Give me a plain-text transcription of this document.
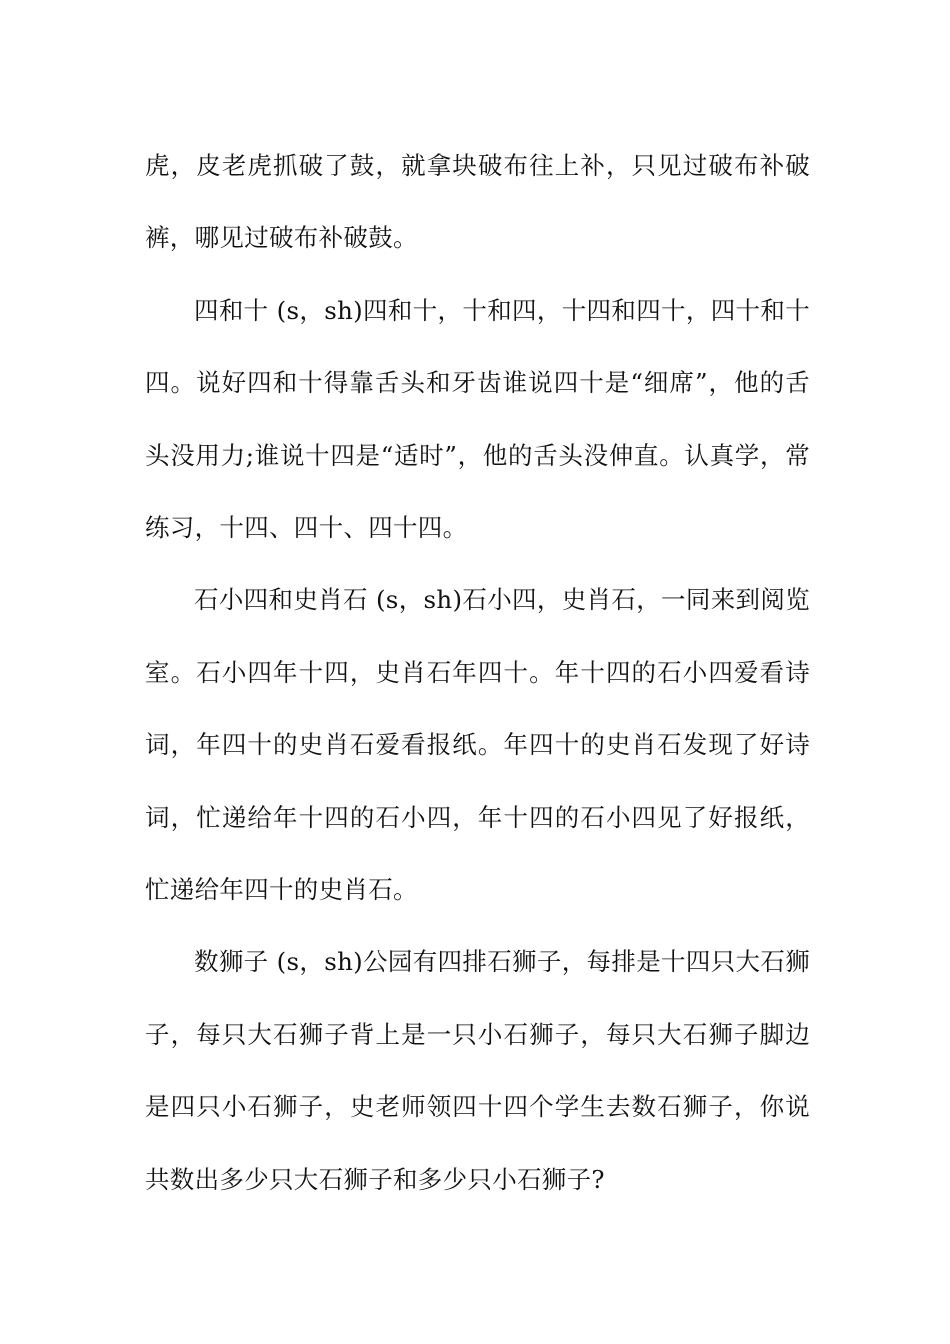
虎，皮老虎抓破了鼓，就拿块破布往上补，只见过破布补破裤，哪见过破布补破鼓。

四和十 (s，sh)四和十，十和四，十四和四十，四十和十四。说好四和十得靠舌头和牙齿谁说四十是“细席”，他的舌头没用力;谁说十四是“适时”，他的舌头没伸直。认真学，常练习，十四、四十、四十四。

石小四和史肖石 (s，sh)石小四，史肖石，一同来到阅览室。石小四年十四，史肖石年四十。年十四的石小四爱看诗词，年四十的史肖石爱看报纸。年四十的史肖石发现了好诗词，忙递给年十四的石小四，年十四的石小四见了好报纸，忙递给年四十的史肖石。

数狮子 (s，sh)公园有四排石狮子，每排是十四只大石狮子，每只大石狮子背上是一只小石狮子，每只大石狮子脚边是四只小石狮子，史老师领四十四个学生去数石狮子，你说共数出多少只大石狮子和多少只小石狮子?
